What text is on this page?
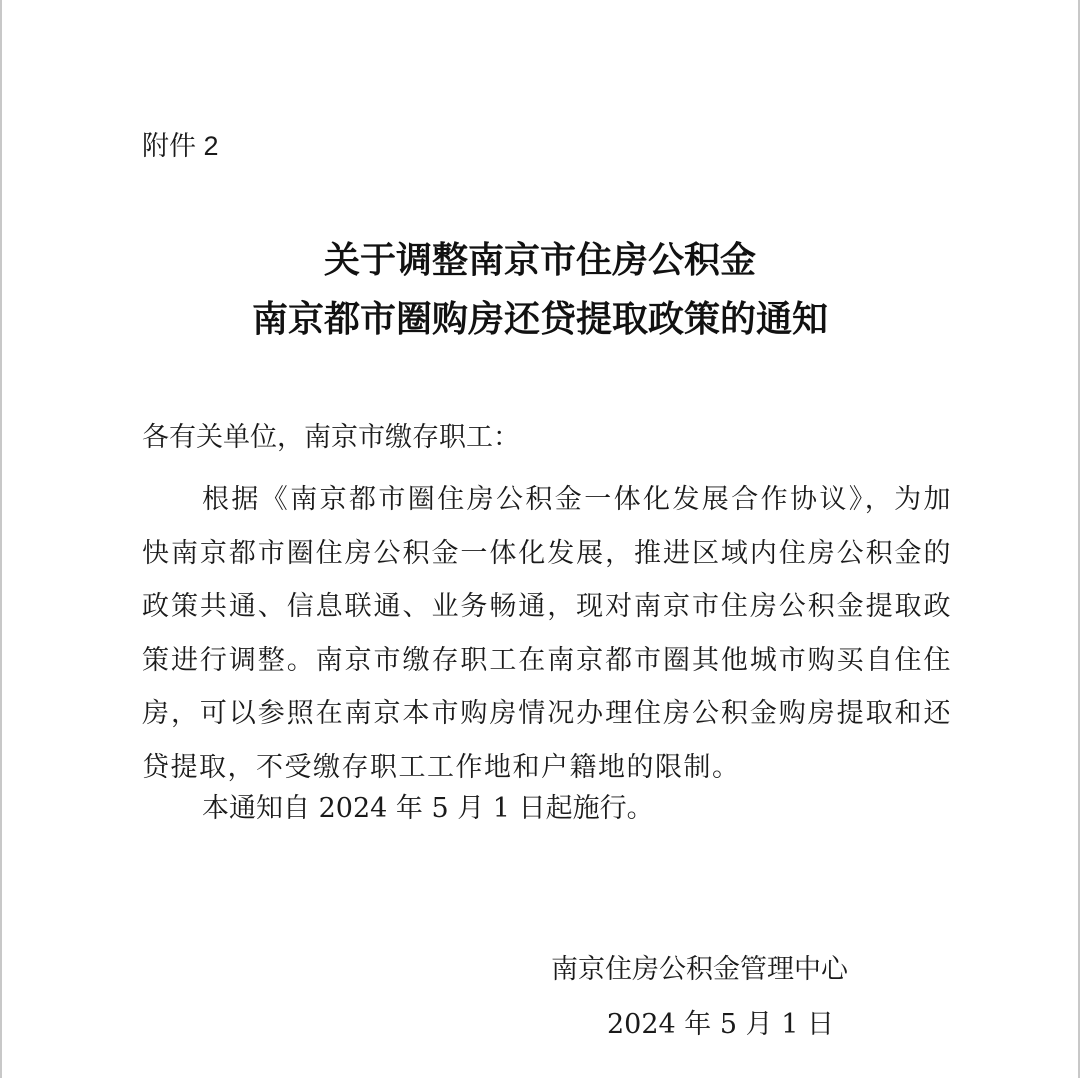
附件 2
关于调整南京市住房公积金
南京都市圈购房还贷提取政策的通知
各有关单位，南京市缴存职工：
根据《南京都市圈住房公积金一体化发展合作协议》，为加快南京都市圈住房公积金一体化发展，推进区域内住房公积金的政策共通、信息联通、业务畅通，现对南京市住房公积金提取政策进行调整。南京市缴存职工在南京都市圈其他城市购买自住住房，可以参照在南京本市购房情况办理住房公积金购房提取和还贷提取，不受缴存职工工作地和户籍地的限制。
本通知自 2024 年 5 月 1 日起施行。
南京住房公积金管理中心
2024 年 5 月 1 日
